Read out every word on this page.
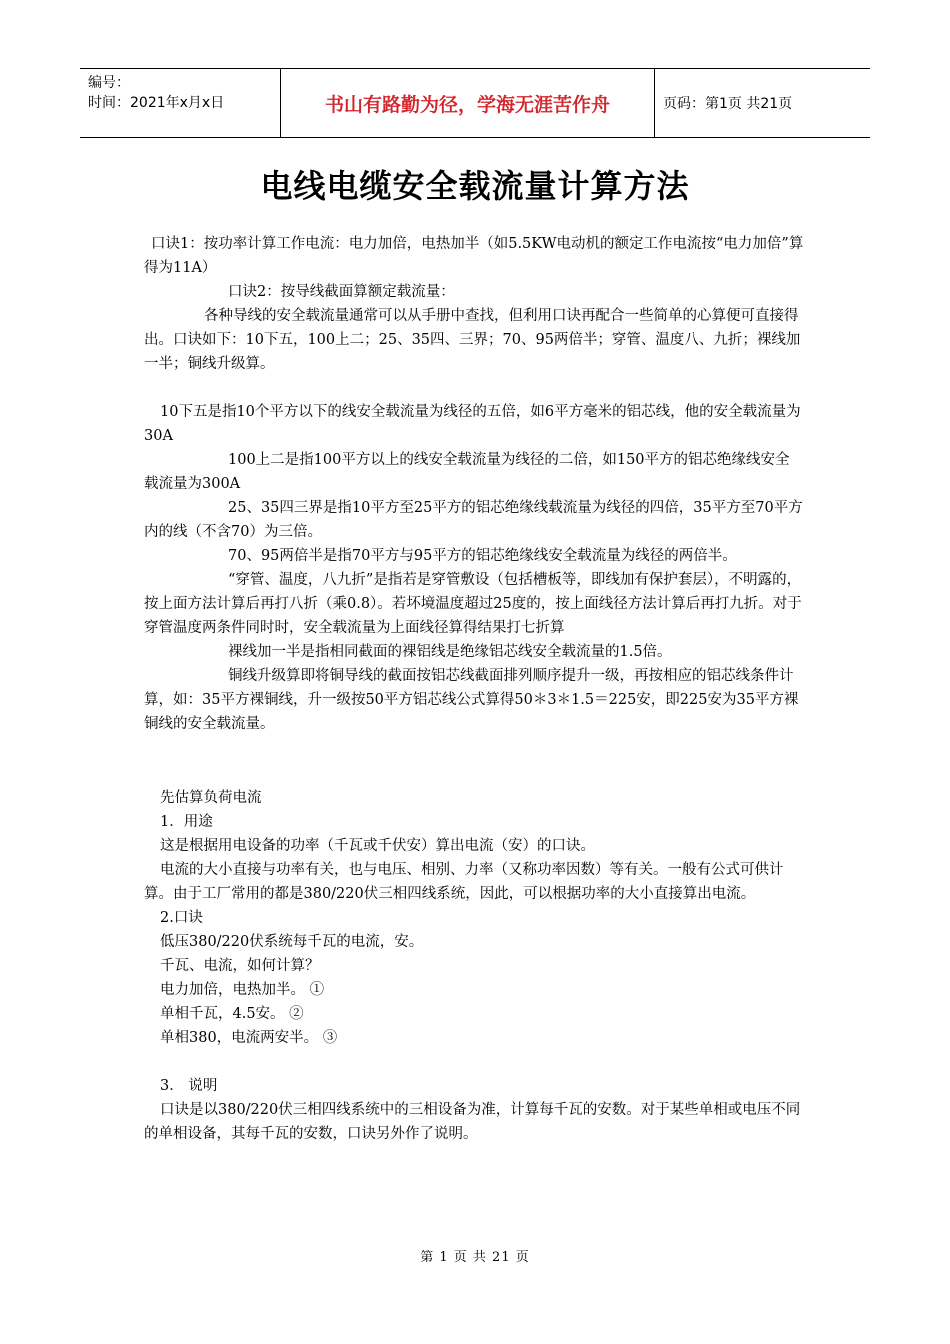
编号：
时间：2021年x月x日	书山有路勤为径，学海无涯苦作舟	页码：第1页 共21页
电线电缆安全载流量计算方法

口诀1：按功率计算工作电流：电力加倍，电热加半（如5.5KW电动机的额定工作电流按“电力加倍”算得为11A）

口诀2：按导线截面算额定载流量：

各种导线的安全载流量通常可以从手册中查找，但利用口诀再配合一些简单的心算便可直接得出。口诀如下：10下五，100上二；25、35四、三界；70、95两倍半；穿管、温度八、九折；裸线加一半；铜线升级算。

10下五是指10个平方以下的线安全载流量为线径的五倍，如6平方毫米的铝芯线，他的安全载流量为30A

100上二是指100平方以上的线安全载流量为线径的二倍，如150平方的铝芯绝缘线安全载流量为300A

25、35四三界是指10平方至25平方的铝芯绝缘线载流量为线径的四倍，35平方至70平方内的线（不含70）为三倍。

70、95两倍半是指70平方与95平方的铝芯绝缘线安全载流量为线径的两倍半。

“穿管、温度，八九折”是指若是穿管敷设（包括槽板等，即线加有保护套层），不明露的，按上面方法计算后再打八折（乘0.8）。若坏境温度超过25度的，按上面线径方法计算后再打九折。对于穿管温度两条件同时时，安全载流量为上面线径算得结果打七折算

裸线加一半是指相同截面的裸铝线是绝缘铝芯线安全载流量的1.5倍。

铜线升级算即将铜导线的截面按铝芯线截面排列顺序提升一级，再按相应的铝芯线条件计算，如：35平方裸铜线，升一级按50平方铝芯线公式算得50＊3＊1.5＝225安，即225安为35平方裸铜线的安全载流量。

先估算负荷电流

1．用途

这是根据用电设备的功率（千瓦或千伏安）算出电流（安）的口诀。

电流的大小直接与功率有关，也与电压、相别、力率（又称功率因数）等有关。一般有公式可供计算。由于工厂常用的都是380/220伏三相四线系统，因此，可以根据功率的大小直接算出电流。

2.口诀

低压380/220伏系统每千瓦的电流，安。

千瓦、电流，如何计算？

电力加倍，电热加半。 ①

单相千瓦，4.5安。 ②

单相380，电流两安半。 ③

3． 说明

口诀是以380/220伏三相四线系统中的三相设备为准，计算每千瓦的安数。对于某些单相或电压不同的单相设备，其每千瓦的安数，口诀另外作了说明。

第 1 页 共 21 页
